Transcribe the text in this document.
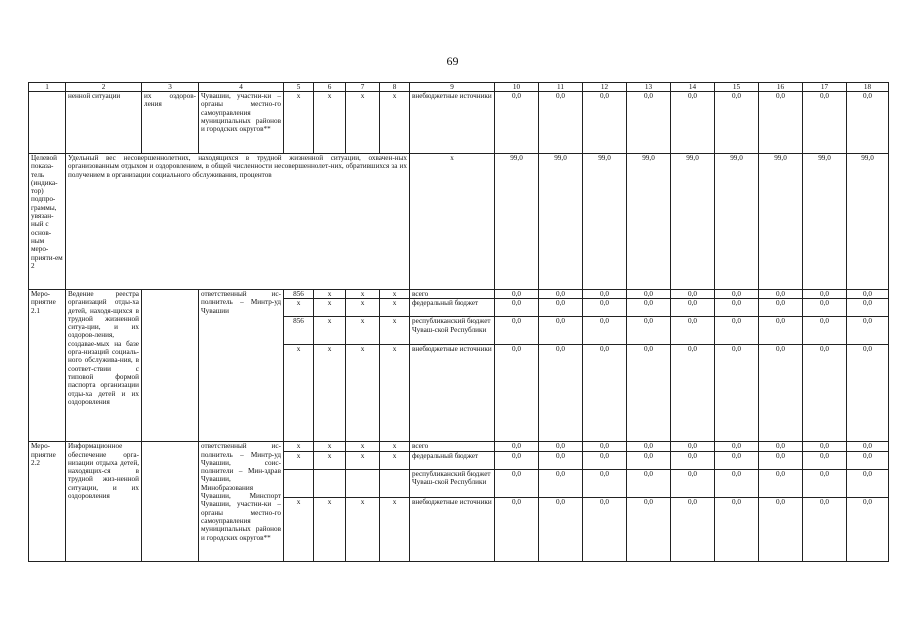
69
1	2	3	4	5	6	7	8	9	10	11	12	13	14	15	16	17	18
	ненной ситуации	их оздоров-ления	Чувашии, участни-ки – органы местно-го самоуправления муниципальных районов и городских округов**	х	х	х	х	внебюджетные источники	0,0	0,0	0,0	0,0	0,0	0,0	0,0	0,0	0,0
Целевой показа-тель (индика-тор) подпро-граммы, увязан-ный с основ-ным меро-прияти-ем 2	Удельный вес несовершеннолетних, находящихся в трудной жизненной ситуации, охвачен-ных организованным отдыхом и оздоровлением, в общей численности несовершеннолет-них, обратившихся за их получением в организации социального обслуживания, процентов							х	99,0	99,0	99,0	99,0	99,0	99,0	99,0	99,0	99,0
Меро-приятие 2.1	Ведение реестра организаций отды-ха детей, находя-щихся в трудной жизненной ситуа-ции, и их оздоров-ления, создавае-мых на базе орга-низаций социаль-ного обслужива-ния, в соответ-ствии с типовой формой паспорта организации отды-ха детей и их оздоровления		ответственный ис-полнитель – Минтр-уд Чувашии	856	х	х	х	всего	0,0	0,0	0,0	0,0	0,0	0,0	0,0	0,0	0,0
				х	х	х	х	федеральный бюджет	0,0	0,0	0,0	0,0	0,0	0,0	0,0	0,0	0,0
				856	х	х	х	республиканский бюджет Чуваш-ской Республики	0,0	0,0	0,0	0,0	0,0	0,0	0,0	0,0	0,0
				х	х	х	х	внебюджетные источники	0,0	0,0	0,0	0,0	0,0	0,0	0,0	0,0	0,0
Меро-приятие 2.2	Информационное обеспечение орга-низации отдыха детей, находящих-ся в трудной жиз-ненной ситуации, и их оздоровления		ответственный ис-полнитель – Минтр-уд Чувашии, соис-полнители – Мин-здрав Чувашии, Минобразования Чувашии, Минспорт Чувашии, участни-ки – органы местно-го самоуправления муниципальных районов и городских округов**	х	х	х	х	всего	0,0	0,0	0,0	0,0	0,0	0,0	0,0	0,0	0,0
				х	х	х	х	федеральный бюджет	0,0	0,0	0,0	0,0	0,0	0,0	0,0	0,0	0,0
								республиканский бюджет Чуваш-ской Республики	0,0	0,0	0,0	0,0	0,0	0,0	0,0	0,0	0,0
				х	х	х	х	внебюджетные источники	0,0	0,0	0,0	0,0	0,0	0,0	0,0	0,0	0,0
